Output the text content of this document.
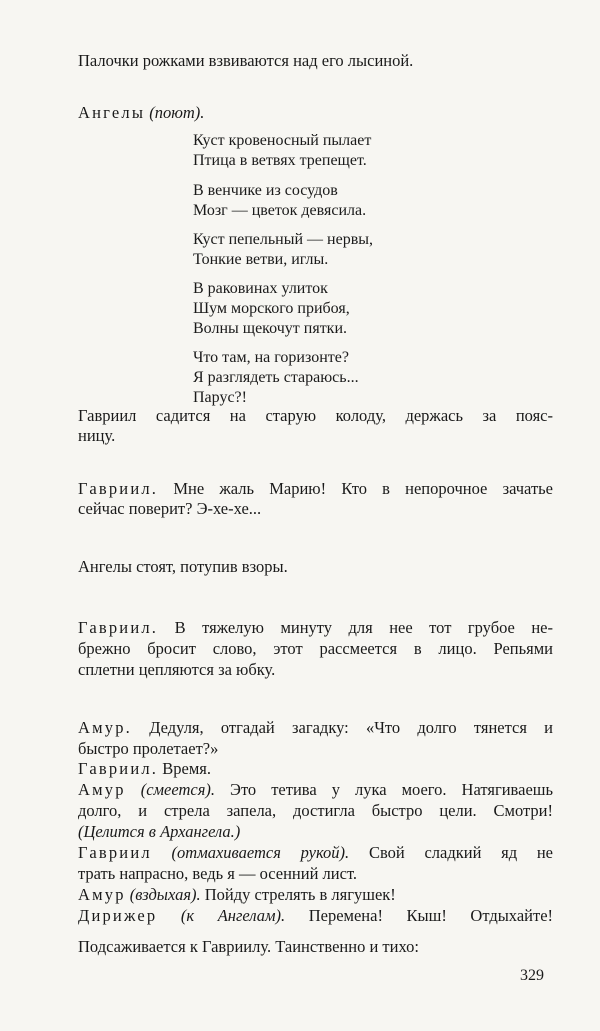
Палочки рожками взвиваются над его лысиной.
Ангелы (поют).
Куст кровеносный пылает
Птица в ветвях трепещет.
В венчике из сосудов
Мозг — цветок девясила.
Куст пепельный — нервы,
Тонкие ветви, иглы.
В раковинах улиток
Шум морского прибоя,
Волны щекочут пятки.
Что там, на горизонте?
Я разглядеть стараюсь...
Парус?!
Гавриил садится на старую колоду, держась за пояс-
ницу.
Гавриил. Мне жаль Марию! Кто в непорочное зачатье
сейчас поверит? Э-хе-хе...
Ангелы стоят, потупив взоры.
Гавриил. В тяжелую минуту для нее тот грубое не-
брежно бросит слово, этот рассмеется в лицо. Репьями
сплетни цепляются за юбку.
Амур. Дедуля, отгадай загадку: «Что долго тянется и
быстро пролетает?»
Гавриил. Время.
Амур (смеется). Это тетива у лука моего. Натягиваешь
долго, и стрела запела, достигла быстро цели. Смотри!
(Целится в Архангела.)
Гавриил (отмахивается рукой). Свой сладкий яд не
трать напрасно, ведь я — осенний лист.
Амур (вздыхая). Пойду стрелять в лягушек!
Дирижер (к Ангелам). Перемена! Кыш! Отдыхайте!
Подсаживается к Гавриилу. Таинственно и тихо:
329
